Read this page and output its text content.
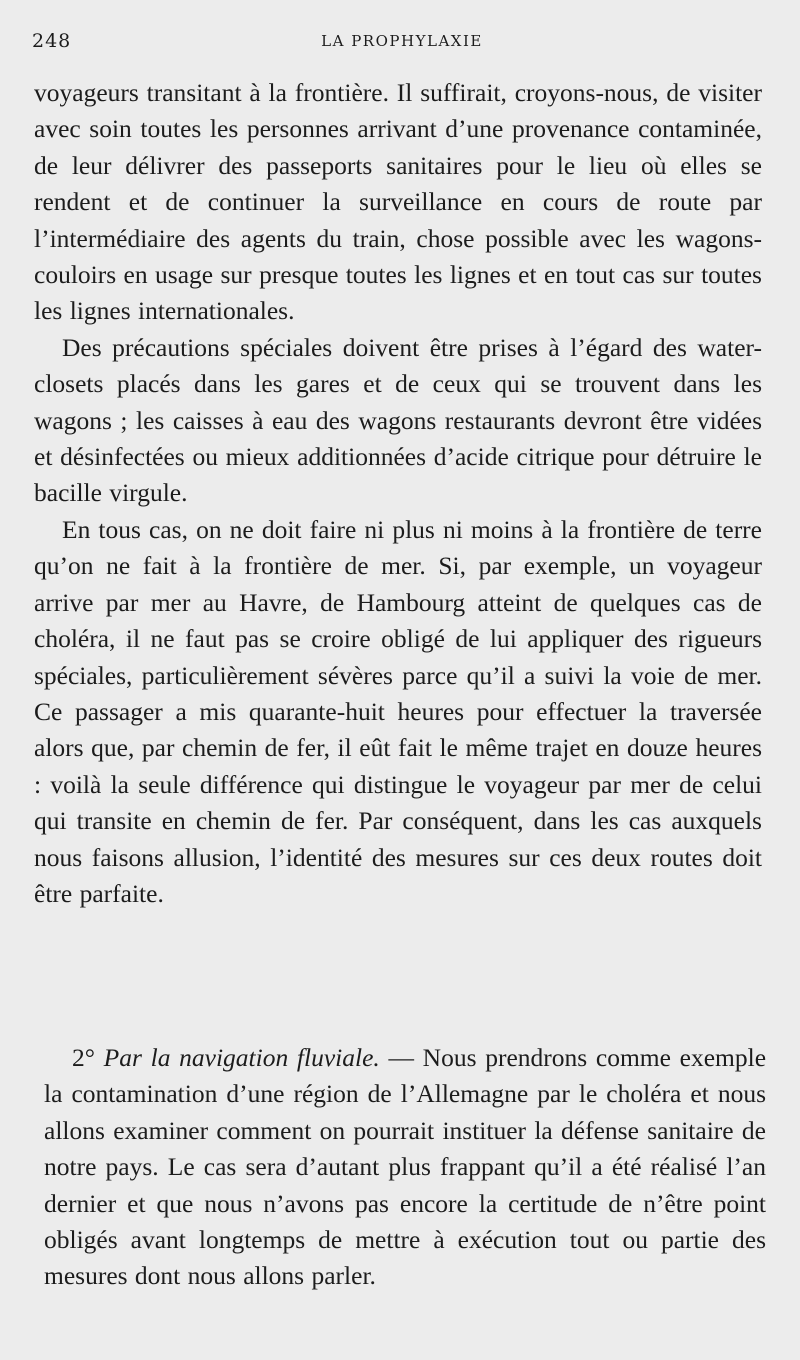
248	LA PROPHYLAXIE

voyageurs transitant à la frontière. Il suffirait, croyons-nous, de visiter avec soin toutes les personnes arrivant d’une provenance contaminée, de leur délivrer des passeports sanitaires pour le lieu où elles se rendent et de continuer la surveillance en cours de route par l’intermédiaire des agents du train, chose possible avec les wagons-couloirs en usage sur presque toutes les lignes et en tout cas sur toutes les lignes internationales.

Des précautions spéciales doivent être prises à l’égard des water-closets placés dans les gares et de ceux qui se trouvent dans les wagons ; les caisses à eau des wagons restaurants devront être vidées et désinfectées ou mieux additionnées d’acide citrique pour détruire le bacille virgule.

En tous cas, on ne doit faire ni plus ni moins à la frontière de terre qu’on ne fait à la frontière de mer. Si, par exemple, un voyageur arrive par mer au Havre, de Hambourg atteint de quelques cas de choléra, il ne faut pas se croire obligé de lui appliquer des rigueurs spéciales, particulièrement sévères parce qu’il a suivi la voie de mer. Ce passager a mis quarante-huit heures pour effectuer la traversée alors que, par chemin de fer, il eût fait le même trajet en douze heures : voilà la seule différence qui distingue le voyageur par mer de celui qui transite en chemin de fer. Par conséquent, dans les cas auxquels nous faisons allusion, l’identité des mesures sur ces deux routes doit être parfaite.

2° Par la navigation fluviale. — Nous prendrons comme exemple la contamination d’une région de l’Allemagne par le choléra et nous allons examiner comment on pourrait instituer la défense sanitaire de notre pays. Le cas sera d’autant plus frappant qu’il a été réalisé l’an dernier et que nous n’avons pas encore la certitude de n’être point obligés avant longtemps de mettre à exécution tout ou partie des mesures dont nous allons parler.
